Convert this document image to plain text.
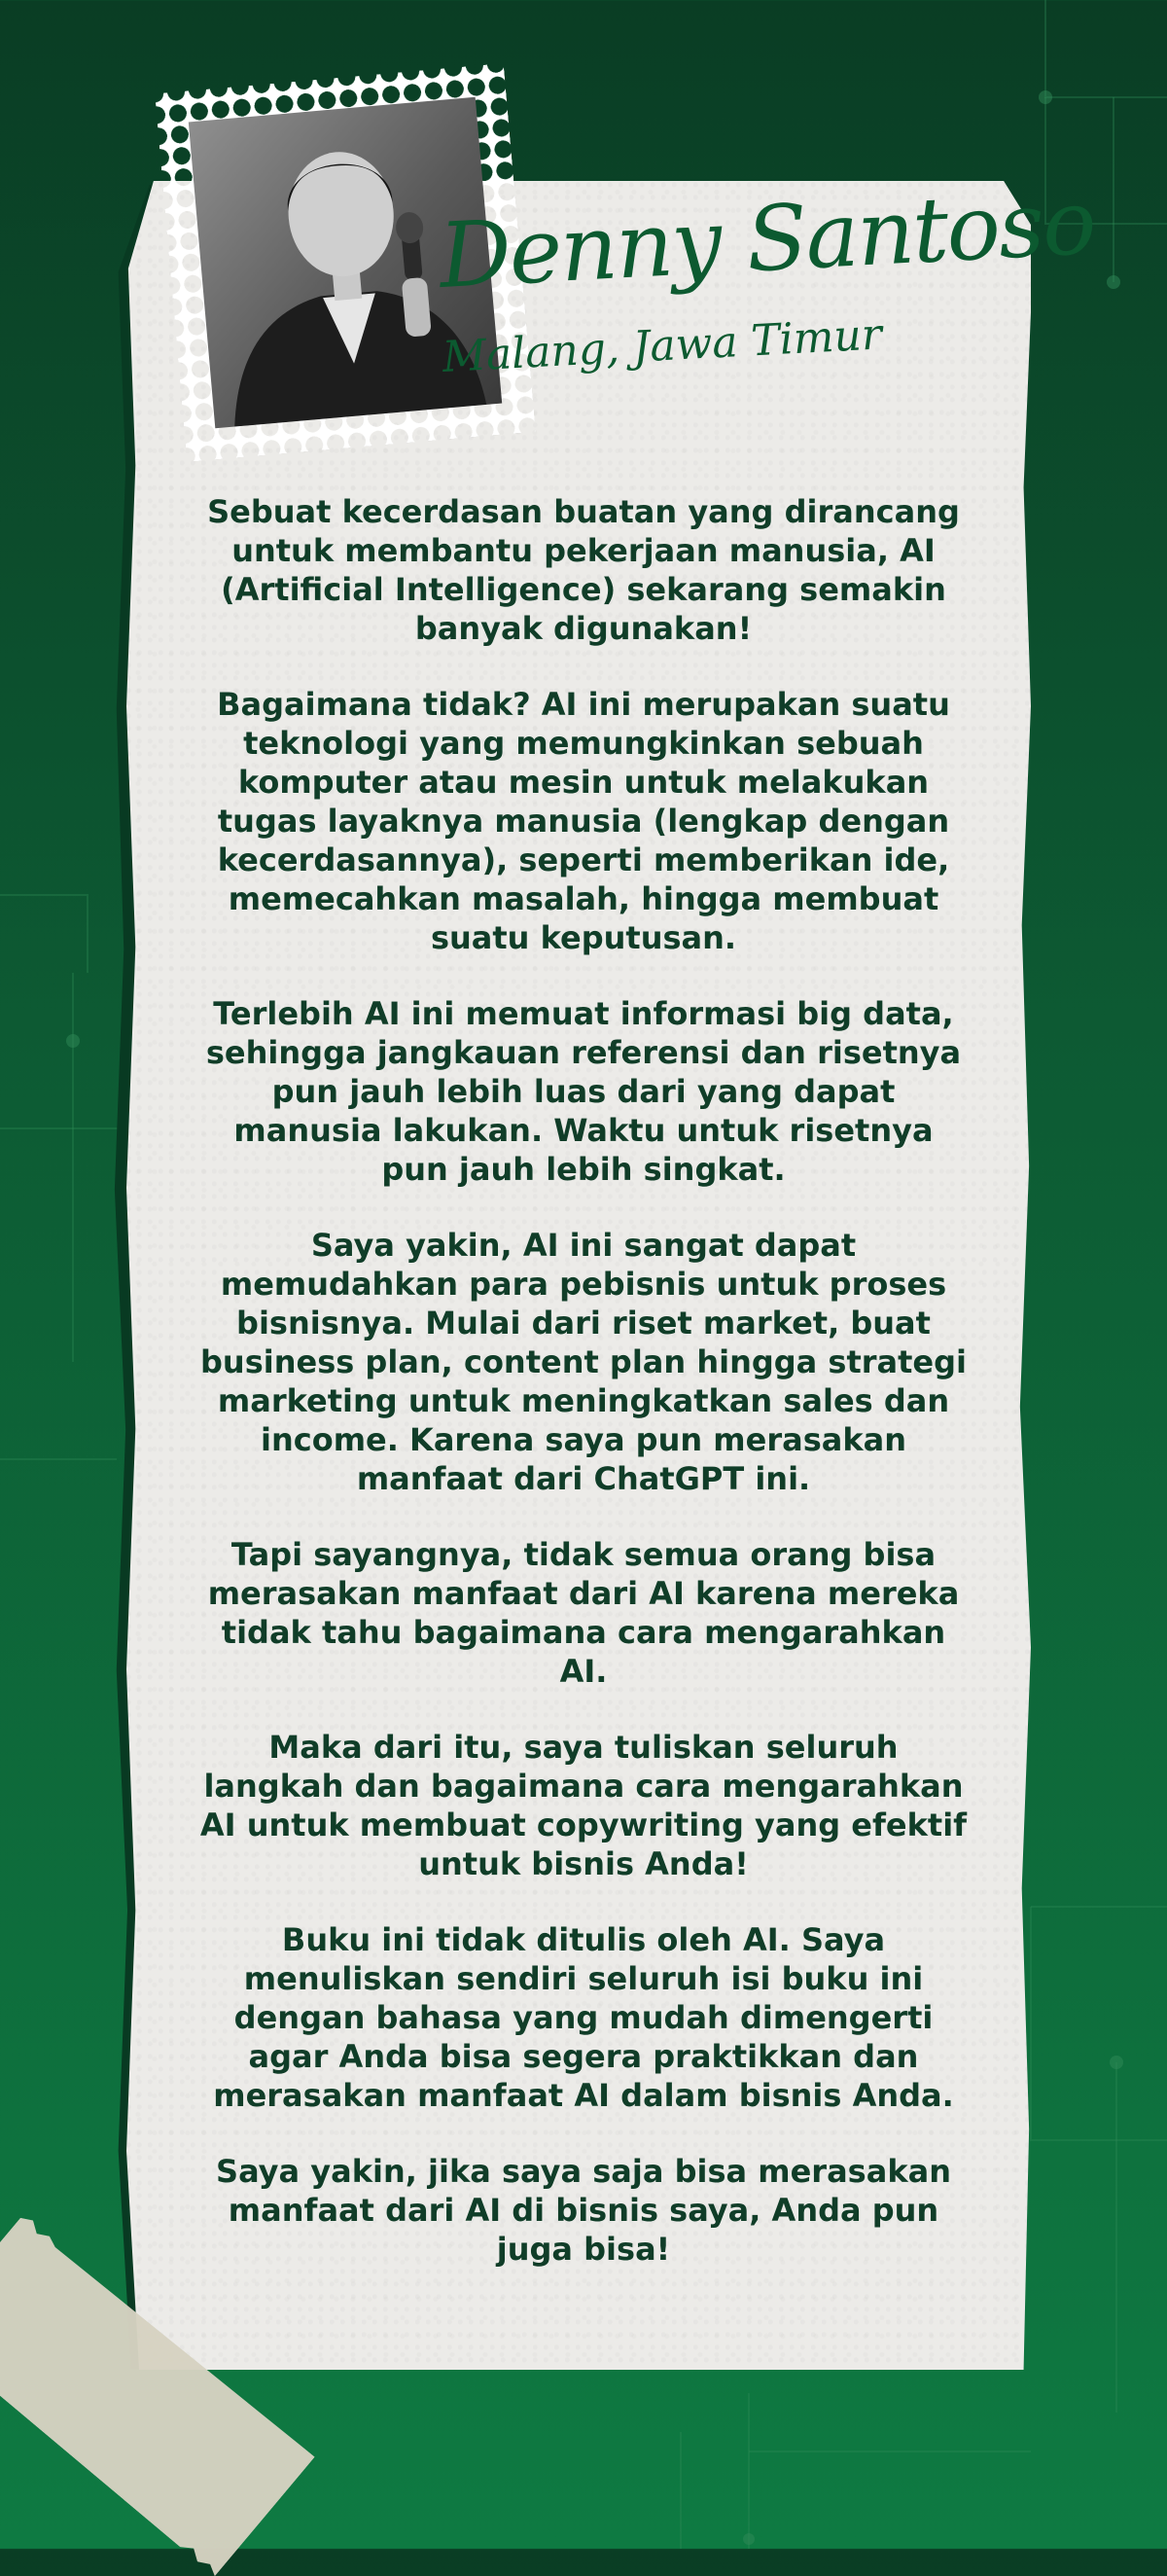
Denny Santoso
Malang, Jawa Timur

Sebuat kecerdasan buatan yang dirancang untuk membantu pekerjaan manusia, AI (Artificial Intelligence) sekarang semakin banyak digunakan!

Bagaimana tidak? AI ini merupakan suatu teknologi yang memungkinkan sebuah komputer atau mesin untuk melakukan tugas layaknya manusia (lengkap dengan kecerdasannya), seperti memberikan ide, memecahkan masalah, hingga membuat suatu keputusan.

Terlebih AI ini memuat informasi big data, sehingga jangkauan referensi dan risetnya pun jauh lebih luas dari yang dapat manusia lakukan. Waktu untuk risetnya pun jauh lebih singkat.

Saya yakin, AI ini sangat dapat memudahkan para pebisnis untuk proses bisnisnya. Mulai dari riset market, buat business plan, content plan hingga strategi marketing untuk meningkatkan sales dan income. Karena saya pun merasakan manfaat dari ChatGPT ini.

Tapi sayangnya, tidak semua orang bisa merasakan manfaat dari AI karena mereka tidak tahu bagaimana cara mengarahkan AI.

Maka dari itu, saya tuliskan seluruh langkah dan bagaimana cara mengarahkan AI untuk membuat copywriting yang efektif untuk bisnis Anda!

Buku ini tidak ditulis oleh AI. Saya menuliskan sendiri seluruh isi buku ini dengan bahasa yang mudah dimengerti agar Anda bisa segera praktikkan dan merasakan manfaat AI dalam bisnis Anda.

Saya yakin, jika saya saja bisa merasakan manfaat dari AI di bisnis saya, Anda pun juga bisa!
